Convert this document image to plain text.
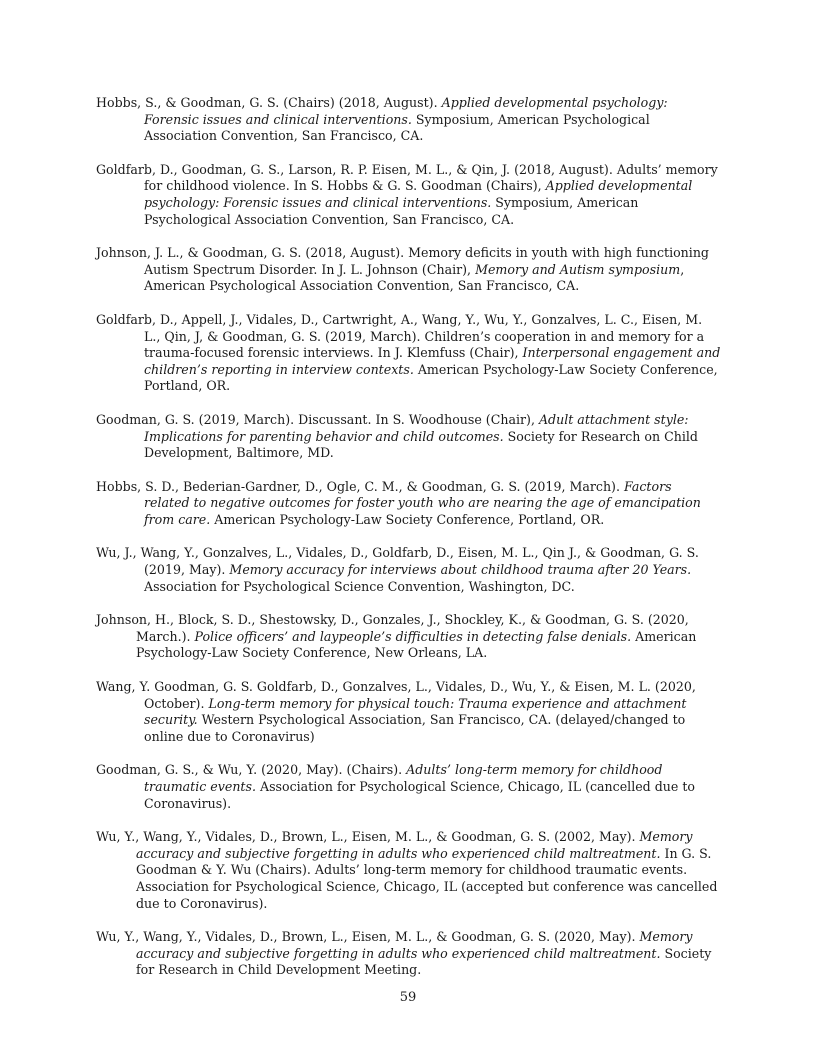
Hobbs, S., & Goodman, G. S. (Chairs) (2018, August). Applied developmental psychology: Forensic issues and clinical interventions. Symposium, American Psychological Association Convention, San Francisco, CA.

Goldfarb, D., Goodman, G. S., Larson, R. P. Eisen, M. L., & Qin, J. (2018, August). Adults’ memory for childhood violence. In S. Hobbs & G. S. Goodman (Chairs), Applied developmental psychology: Forensic issues and clinical interventions. Symposium, American Psychological Association Convention, San Francisco, CA.

Johnson, J. L., & Goodman, G. S. (2018, August). Memory deficits in youth with high functioning Autism Spectrum Disorder. In J. L. Johnson (Chair), Memory and Autism symposium, American Psychological Association Convention, San Francisco, CA.

Goldfarb, D., Appell, J., Vidales, D., Cartwright, A., Wang, Y., Wu, Y., Gonzalves, L. C., Eisen, M. L., Qin, J, & Goodman, G. S. (2019, March). Children’s cooperation in and memory for a trauma-focused forensic interviews. In J. Klemfuss (Chair), Interpersonal engagement and children’s reporting in interview contexts. American Psychology-Law Society Conference, Portland, OR.

Goodman, G. S. (2019, March). Discussant. In S. Woodhouse (Chair), Adult attachment style: Implications for parenting behavior and child outcomes. Society for Research on Child Development, Baltimore, MD.

Hobbs, S. D., Bederian-Gardner, D., Ogle, C. M., & Goodman, G. S. (2019, March). Factors related to negative outcomes for foster youth who are nearing the age of emancipation from care. American Psychology-Law Society Conference, Portland, OR.

Wu, J., Wang, Y., Gonzalves, L., Vidales, D., Goldfarb, D., Eisen, M. L., Qin J., & Goodman, G. S. (2019, May). Memory accuracy for interviews about childhood trauma after 20 Years. Association for Psychological Science Convention, Washington, DC.

Johnson, H., Block, S. D., Shestowsky, D., Gonzales, J., Shockley, K., & Goodman, G. S. (2020, March.). Police officers’ and laypeople’s difficulties in detecting false denials. American Psychology-Law Society Conference, New Orleans, LA.

Wang, Y. Goodman, G. S. Goldfarb, D., Gonzalves, L., Vidales, D., Wu, Y., & Eisen, M. L. (2020, October). Long-term memory for physical touch: Trauma experience and attachment security. Western Psychological Association, San Francisco, CA. (delayed/changed to online due to Coronavirus)

Goodman, G. S., & Wu, Y. (2020, May). (Chairs). Adults’ long-term memory for childhood traumatic events. Association for Psychological Science, Chicago, IL (cancelled due to Coronavirus).

Wu, Y., Wang, Y., Vidales, D., Brown, L., Eisen, M. L., & Goodman, G. S. (2002, May). Memory accuracy and subjective forgetting in adults who experienced child maltreatment. In G. S. Goodman & Y. Wu (Chairs). Adults’ long-term memory for childhood traumatic events. Association for Psychological Science, Chicago, IL (accepted but conference was cancelled due to Coronavirus).

Wu, Y., Wang, Y., Vidales, D., Brown, L., Eisen, M. L., & Goodman, G. S. (2020, May). Memory accuracy and subjective forgetting in adults who experienced child maltreatment. Society for Research in Child Development Meeting.

59
